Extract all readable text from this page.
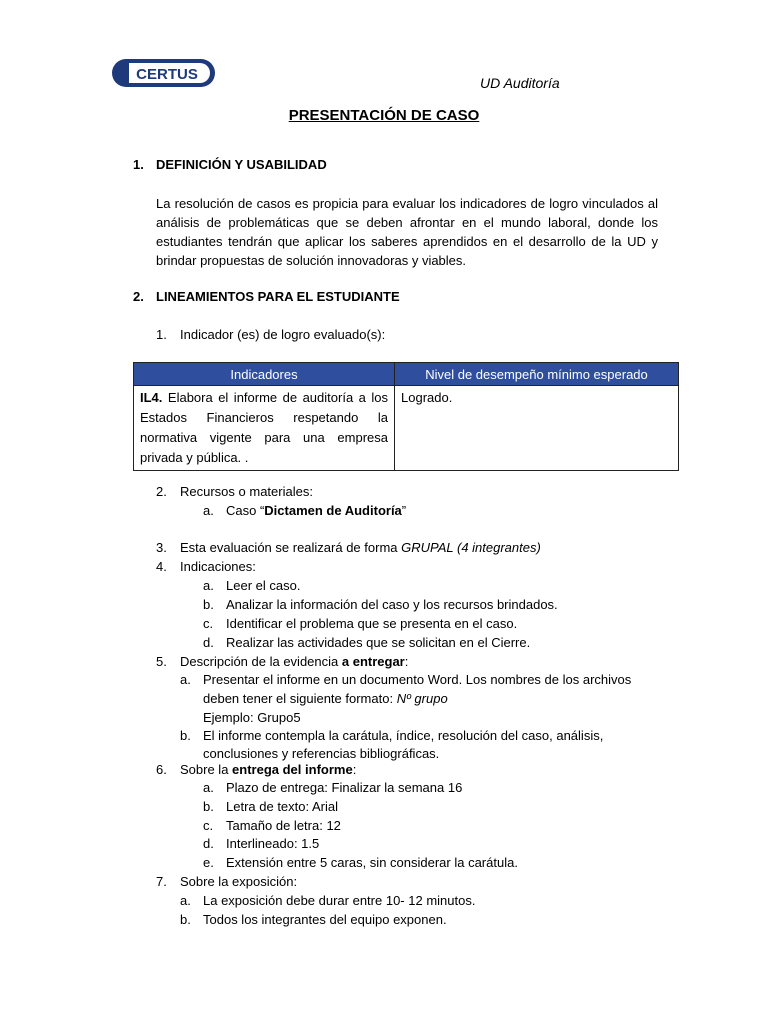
CERTUS	UD Auditoría
PRESENTACIÓN DE CASO
1. DEFINICIÓN Y USABILIDAD
La resolución de casos es propicia para evaluar los indicadores de logro vinculados al análisis de problemáticas que se deben afrontar en el mundo laboral, donde los estudiantes tendrán que aplicar los saberes aprendidos en el desarrollo de la UD y brindar propuestas de solución innovadoras y viables.
2. LINEAMIENTOS PARA EL ESTUDIANTE
1. Indicador (es) de logro evaluado(s):
Indicadores	Nivel de desempeño mínimo esperado
IL4. Elabora el informe de auditoría a los Estados Financieros respetando la normativa vigente para una empresa privada y pública. .	Logrado.
2. Recursos o materiales:
a. Caso “Dictamen de Auditoría”
3. Esta evaluación se realizará de forma GRUPAL (4 integrantes)
4. Indicaciones:
a. Leer el caso.
b. Analizar la información del caso y los recursos brindados.
c. Identificar el problema que se presenta en el caso.
d. Realizar las actividades que se solicitan en el Cierre.
5. Descripción de la evidencia a entregar:
a. Presentar el informe en un documento Word. Los nombres de los archivos
deben tener el siguiente formato: Nº grupo
Ejemplo: Grupo5
b. El informe contempla la carátula, índice, resolución del caso, análisis,
conclusiones y referencias bibliográficas.
6. Sobre la entrega del informe:
a. Plazo de entrega: Finalizar la semana 16
b. Letra de texto: Arial
c. Tamaño de letra: 12
d. Interlineado: 1.5
e. Extensión entre 5 caras, sin considerar la carátula.
7. Sobre la exposición:
a. La exposición debe durar entre 10- 12 minutos.
b. Todos los integrantes del equipo exponen.
